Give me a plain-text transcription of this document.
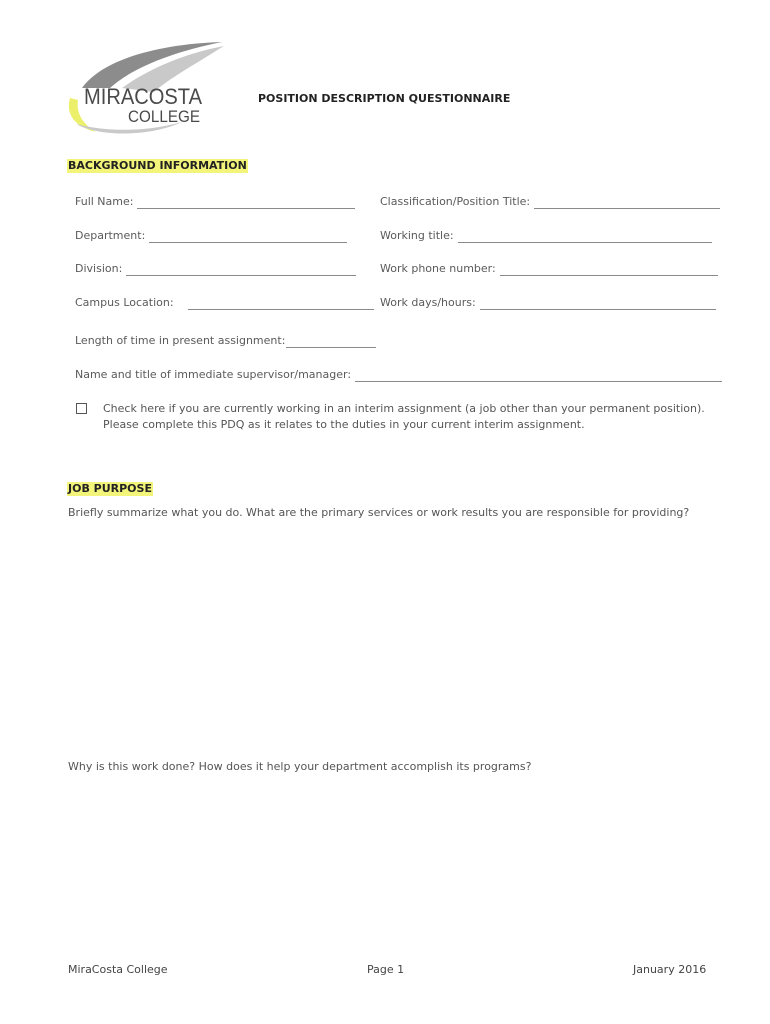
MIRACOSTA
COLLEGE
POSITION DESCRIPTION QUESTIONNAIRE
BACKGROUND INFORMATION
Full Name:	Classification/Position Title:
Department:	Working title:
Division:	Work phone number:
Campus Location:	Work days/hours:
Length of time in present assignment:
Name and title of immediate supervisor/manager:
Check here if you are currently working in an interim assignment (a job other than your permanent position).
Please complete this PDQ as it relates to the duties in your current interim assignment.
JOB PURPOSE
Briefly summarize what you do. What are the primary services or work results you are responsible for providing?
Why is this work done? How does it help your department accomplish its programs?
MiraCosta College	Page 1	January 2016
